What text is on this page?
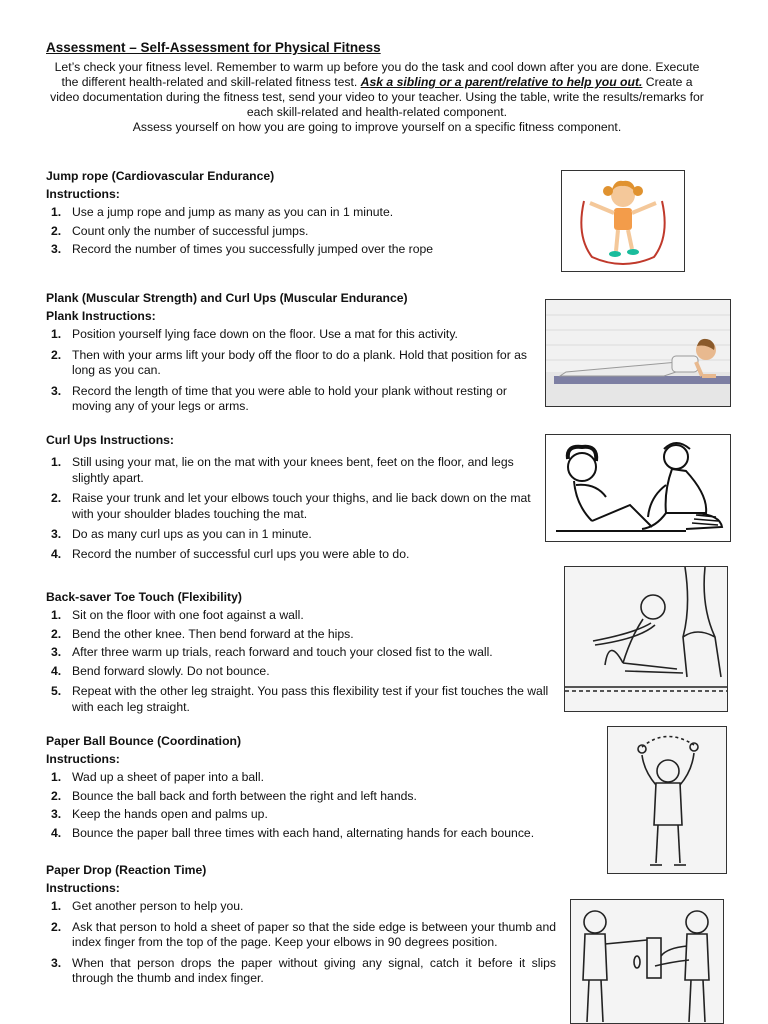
Assessment – Self-Assessment for Physical Fitness
Let’s check your fitness level. Remember to warm up before you do the task and cool down after you are done. Execute the different health-related and skill-related fitness test. Ask a sibling or a parent/relative to help you out. Create a video documentation during the fitness test, send your video to your teacher. Using the table, write the results/remarks for each skill-related and health-related component.
Assess yourself on how you are going to improve yourself on a specific fitness component.
Jump rope (Cardiovascular Endurance)
Instructions:
1. Use a jump rope and jump as many as you can in 1 minute.
2. Count only the number of successful jumps.
3. Record the number of times you successfully jumped over the rope
Plank (Muscular Strength) and Curl Ups (Muscular Endurance)
Plank Instructions:
1. Position yourself lying face down on the floor. Use a mat for this activity.
2. Then with your arms lift your body off the floor to do a plank. Hold that position for as long as you can.
3. Record the length of time that you were able to hold your plank without resting or moving any of your legs or arms.
Curl Ups Instructions:
1. Still using your mat, lie on the mat with your knees bent, feet on the floor, and legs slightly apart.
2. Raise your trunk and let your elbows touch your thighs, and lie back down on the mat with your shoulder blades touching the mat.
3. Do as many curl ups as you can in 1 minute.
4. Record the number of successful curl ups you were able to do.
Back-saver Toe Touch (Flexibility)
1. Sit on the floor with one foot against a wall.
2. Bend the other knee. Then bend forward at the hips.
3. After three warm up trials, reach forward and touch your closed fist to the wall.
4. Bend forward slowly. Do not bounce.
5. Repeat with the other leg straight. You pass this flexibility test if your fist touches the wall with each leg straight.
Paper Ball Bounce (Coordination)
Instructions:
1. Wad up a sheet of paper into a ball.
2. Bounce the ball back and forth between the right and left hands.
3. Keep the hands open and palms up.
4. Bounce the paper ball three times with each hand, alternating hands for each bounce.
Paper Drop (Reaction Time)
Instructions:
1. Get another person to help you.
2. Ask that person to hold a sheet of paper so that the side edge is between your thumb and index finger from the top of the page. Keep your elbows in 90 degrees position.
3. When that person drops the paper without giving any signal, catch it before it slips through the thumb and index finger.
